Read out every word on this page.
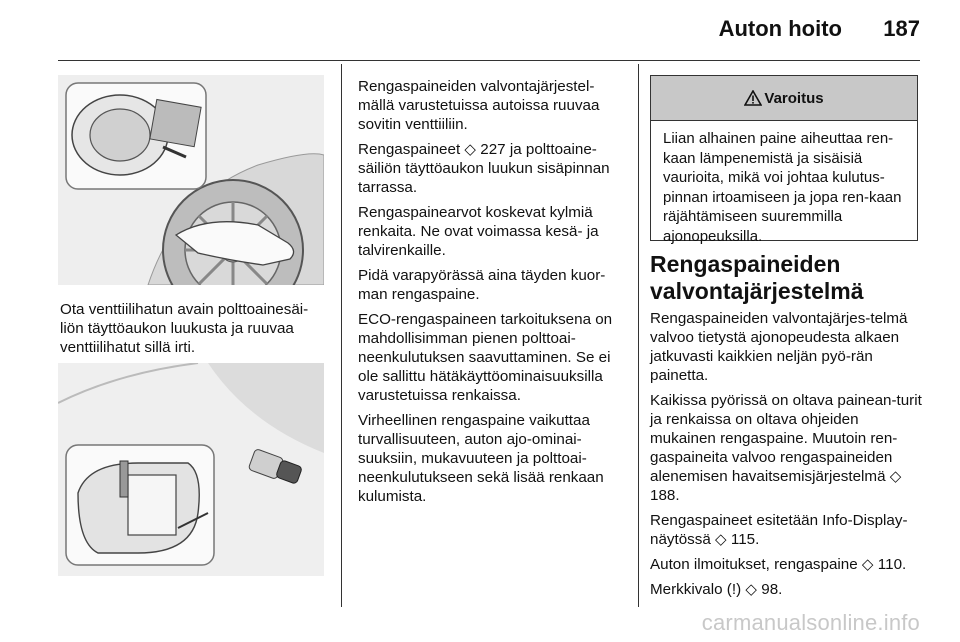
Auton hoito 187
Ota venttiilihatun avain polttoainesäi-liön täyttöaukon luukusta ja ruuvaa venttiilihatut sillä irti.

Rengaspaineiden valvontajärjestel-mällä varustetuissa autoissa ruuvaa sovitin venttiiliin.

Rengaspaineet ◇ 227 ja polttoaine-säiliön täyttöaukon luukun sisäpinnan tarrassa.

Rengaspainearvot koskevat kylmiä renkaita. Ne ovat voimassa kesä- ja talvirenkaille.

Pidä varapyörässä aina täyden kuor-man rengaspaine.

ECO-rengaspaineen tarkoituksena on mahdollisimman pienen polttoai-neenkulutuksen saavuttaminen. Se ei ole sallittu hätäkäyttöominaisuuksilla varustetuissa renkaissa.

Virheellinen rengaspaine vaikuttaa turvallisuuteen, auton ajo-ominai-suuksiin, mukavuuteen ja polttoai-neenkulutukseen sekä lisää renkaan kulumista.

Varoitus
Liian alhainen paine aiheuttaa ren-kaan lämpenemistä ja sisäisiä vaurioita, mikä voi johtaa kulutus-pinnan irtoamiseen ja jopa ren-kaan räjähtämiseen suuremmilla ajonopeuksilla.
Rengaspaineiden valvontajärjestelmä

Rengaspaineiden valvontajärjes-telmä valvoo tietystä ajonopeudesta alkaen jatkuvasti kaikkien neljän pyö-rän painetta.

Kaikissa pyörissä on oltava painean-turit ja renkaissa on oltava ohjeiden mukainen rengaspaine. Muutoin ren-gaspaineita valvoo rengaspaineiden alenemisen havaitsemisjärjestelmä ◇ 188.

Rengaspaineet esitetään Info-Display-näytössä ◇ 115.

Auton ilmoitukset, rengaspaine ◇ 110.

Merkkivalo (!) ◇ 98.

carmanualsonline.info
